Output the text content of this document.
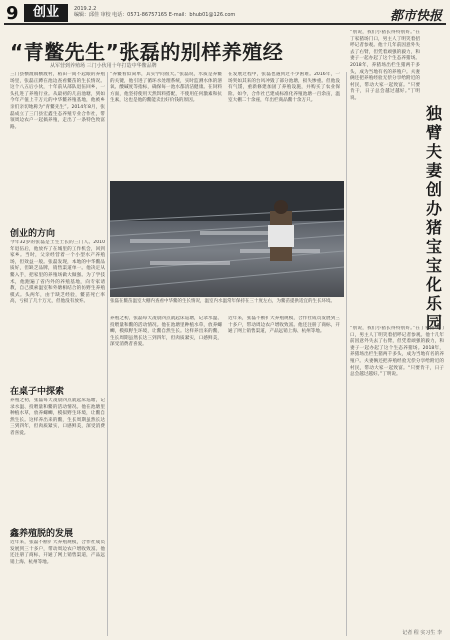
9	创业	2019.2.2
编辑：邱佳 审校 电话：0571-86757165 E-mail：bhub01@126.com	都市快报
“青鳖先生”张磊的别样养殖经
从军营到养殖场 三门小伙用十年打造中华鳖品牌
三门县横渡镇横渡村，稻田一间不起眼的养殖场里，张磊正蹲在池边查看鳖苗的生长情况。这个八五后小伙，十年前从部队退伍回乡，一头扎进了养殖行业。从最初的几亩池塘，到如今年产值上千万元的中华鳖养殖基地，他被乡亲们亲切地称为“青鳖先生”。2014年8月，张磊成立了三门县宏鑫生态养殖专业合作社，带领周边农户一起搞养殖，走出了一条特色致富路。
创业的方向
今年32岁的张磊是土生土长的三门人。2010年退伍后，他放弃了在城里的工作机会，回到家乡。当时，父亲经营着一个小型水产养殖场，但效益一般。张磊发现，本地的中华鳖品质好，但缺乏品牌，销售渠道单一。他决定从鳖入手，把家里的养殖场做大做强。为了学技术，他跑遍了省内外的养殖基地，向专家请教，自己摸索温室和外塘相结合的仿野生养殖模式。头两年，由于缺乏经验，鳖苗死亡率高，亏损了几十万元，但他没有放弃。
在桌子中探索
养殖之初，张磊每天凌晨四点就起床巡塘，记录水温、投喂量和鳖的活动情况。他在池塘里种植水草，放养螺蛳，模拟野生环境，让鳖自然生长。这样养出来的鳖，生长周期虽然长达三到四年，但肉质紧实，口感鲜美，深受消费者喜爱。
鑫养殖脱的发展
近年来，张磊不断扩大养殖规模，合作社成员发展到三十多户，带动周边农户增收致富。他还注册了商标，开通了网上销售渠道，产品远销上海、杭州等地。
“养鳖看似简单，其实学问很大。”张磊说，水质是养鳖的关键，他引进了循环水处理系统，实时监测水体的溶氧、酸碱度等指标，确保每一池水都清洁健康。在饲料方面，他坚持使用天然饵料搭配，不使用任何激素和抗生素，这也是他的鳖能卖出好价钱的原因。
在发展过程中，张磊也遇到过不少困难。2016年，一场突如其来的台风冲毁了部分池塘，损失惨重。但他没有气馁，重新修建加固了养殖设施，并购买了农业保险。如今，合作社已建成标准化养殖池塘一百余亩，温室大棚二十余座，年出栏商品鳖十余万只。
张磊在鳖苗温室大棚内查看中华鳖的生长情况，温室内水温常年保持在三十度左右，为鳖苗提供适宜的生长环境。
养殖之初，张磊每天凌晨四点就起床巡塘，记录水温、投喂量和鳖的活动情况。他在池塘里种植水草，放养螺蛳，模拟野生环境，让鳖自然生长。这样养出来的鳖，生长周期虽然长达三到四年，但肉质紧实，口感鲜美，深受消费者喜爱。
近年来，张磊不断扩大养殖规模，合作社成员发展到三十多户，带动周边农户增收致富。他还注册了商标，开通了网上销售渠道，产品远销上海、杭州等地。
独
臂
夫
妻
创
办
猪
宝
宝
化
乐
园
“别说，我们小猪长得特别好。”在丁家猪场门口，男主人丁明笑着招呼记者参观。他十几年前因意外失去了右臂，但凭着顽强的毅力，和妻子一起办起了这个生态养猪场。2018年，养猪场出栏生猪两千多头，成为当地有名的养殖户。夫妻俩还把养殖经验无偿分享给附近的村民，带动大家一起致富。“只要肯干，日子总会越过越好。”丁明说。
“别说，我们小猪长得特别好。”在丁家猪场门口，男主人丁明笑着招呼记者参观。他十几年前因意外失去了右臂，但凭着顽强的毅力，和妻子一起办起了这个生态养猪场。2018年，养猪场出栏生猪两千多头，成为当地有名的养殖户。夫妻俩还把养殖经验无偿分享给附近的村民，带动大家一起致富。“只要肯干，日子总会越过越好。”丁明说。
记者 程 实习生 李
